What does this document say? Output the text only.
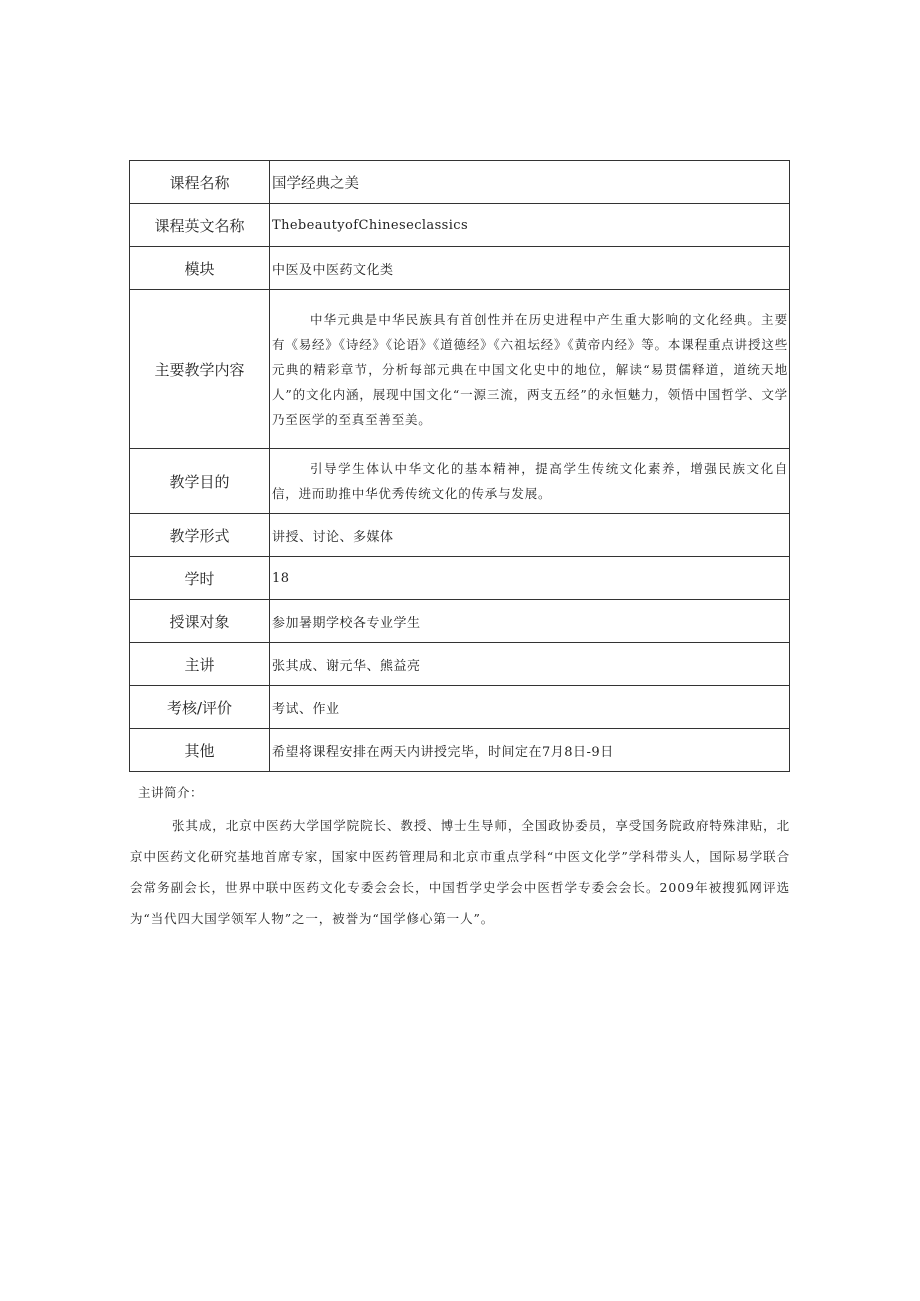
课程名称	国学经典之美
课程英文名称	ThebeautyofChineseclassics
模块	中医及中医药文化类
主要教学内容	中华元典是中华民族具有首创性并在历史进程中产生重大影响的文化经典。主要有《易经》《诗经》《论语》《道德经》《六祖坛经》《黄帝内经》等。本课程重点讲授这些元典的精彩章节，分析每部元典在中国文化史中的地位，解读“易贯儒释道，道统天地人”的文化内涵，展现中国文化“一源三流，两支五经”的永恒魅力，领悟中国哲学、文学乃至医学的至真至善至美。
教学目的	引导学生体认中华文化的基本精神，提高学生传统文化素养，增强民族文化自信，进而助推中华优秀传统文化的传承与发展。
教学形式	讲授、讨论、多媒体
学时	18
授课对象	参加暑期学校各专业学生
主讲	张其成、谢元华、熊益亮
考核/评价	考试、作业
其他	希望将课程安排在两天内讲授完毕，时间定在7月8日-9日
主讲简介：

张其成，北京中医药大学国学院院长、教授、博士生导师，全国政协委员，享受国务院政府特殊津贴，北京中医药文化研究基地首席专家，国家中医药管理局和北京市重点学科“中医文化学”学科带头人，国际易学联合会常务副会长，世界中联中医药文化专委会会长，中国哲学史学会中医哲学专委会会长。2009年被搜狐网评选为“当代四大国学领军人物”之一，被誉为“国学修心第一人”。
